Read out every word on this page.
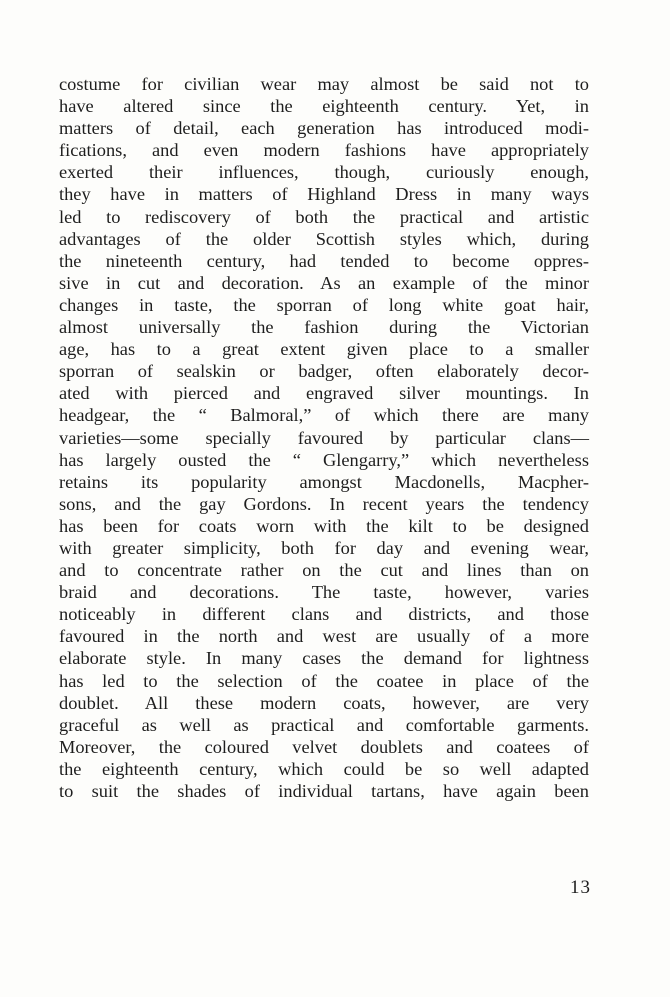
costume for civilian wear may almost be said not to
have altered since the eighteenth century. Yet, in
matters of detail, each generation has introduced modi-
fications, and even modern fashions have appropriately
exerted their influences, though, curiously enough,
they have in matters of Highland Dress in many ways
led to rediscovery of both the practical and artistic
advantages of the older Scottish styles which, during
the nineteenth century, had tended to become oppres-
sive in cut and decoration. As an example of the minor
changes in taste, the sporran of long white goat hair,
almost universally the fashion during the Victorian
age, has to a great extent given place to a smaller
sporran of sealskin or badger, often elaborately decor-
ated with pierced and engraved silver mountings. In
headgear, the “ Balmoral,” of which there are many
varieties—some specially favoured by particular clans—
has largely ousted the “ Glengarry,” which nevertheless
retains its popularity amongst Macdonells, Macpher-
sons, and the gay Gordons. In recent years the tendency
has been for coats worn with the kilt to be designed
with greater simplicity, both for day and evening wear,
and to concentrate rather on the cut and lines than on
braid and decorations. The taste, however, varies
noticeably in different clans and districts, and those
favoured in the north and west are usually of a more
elaborate style. In many cases the demand for lightness
has led to the selection of the coatee in place of the
doublet. All these modern coats, however, are very
graceful as well as practical and comfortable garments.
Moreover, the coloured velvet doublets and coatees of
the eighteenth century, which could be so well adapted
to suit the shades of individual tartans, have again been
13
